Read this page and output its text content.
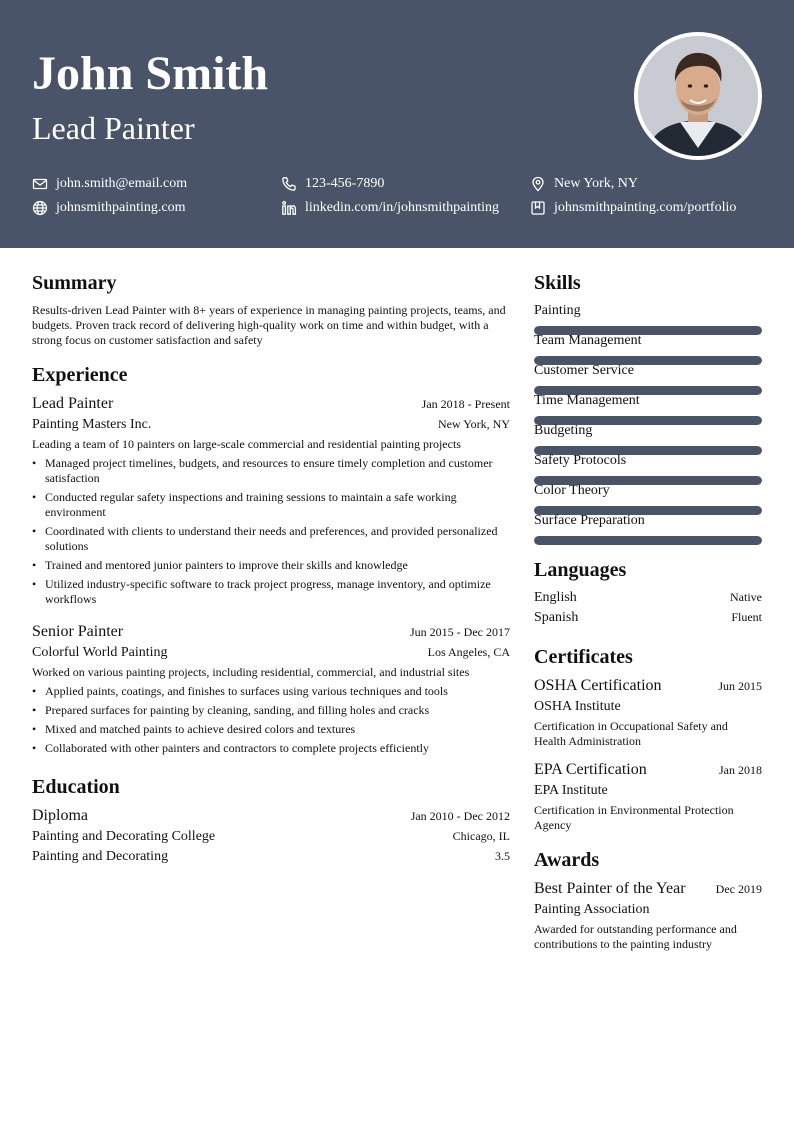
John Smith
Lead Painter
john.smith@email.com	123-456-7890	New York, NY
johnsmithpainting.com	linkedin.com/in/johnsmithpainting	johnsmithpainting.com/portfolio
Summary
Results-driven Lead Painter with 8+ years of experience in managing painting projects, teams, and budgets. Proven track record of delivering high-quality work on time and within budget, with a strong focus on customer satisfaction and safety
Experience
Lead Painter	Jan 2018 - Present
Painting Masters Inc.	New York, NY
Leading a team of 10 painters on large-scale commercial and residential painting projects
• Managed project timelines, budgets, and resources to ensure timely completion and customer satisfaction
• Conducted regular safety inspections and training sessions to maintain a safe working environment
• Coordinated with clients to understand their needs and preferences, and provided personalized solutions
• Trained and mentored junior painters to improve their skills and knowledge
• Utilized industry-specific software to track project progress, manage inventory, and optimize workflows
Senior Painter	Jun 2015 - Dec 2017
Colorful World Painting	Los Angeles, CA
Worked on various painting projects, including residential, commercial, and industrial sites
• Applied paints, coatings, and finishes to surfaces using various techniques and tools
• Prepared surfaces for painting by cleaning, sanding, and filling holes and cracks
• Mixed and matched paints to achieve desired colors and textures
• Collaborated with other painters and contractors to complete projects efficiently
Education
Diploma	Jan 2010 - Dec 2012
Painting and Decorating College	Chicago, IL
Painting and Decorating	3.5
Skills
Painting
Team Management
Customer Service
Time Management
Budgeting
Safety Protocols
Color Theory
Surface Preparation
Languages
English	Native
Spanish	Fluent
Certificates
OSHA Certification	Jun 2015
OSHA Institute
Certification in Occupational Safety and Health Administration
EPA Certification	Jan 2018
EPA Institute
Certification in Environmental Protection Agency
Awards
Best Painter of the Year	Dec 2019
Painting Association
Awarded for outstanding performance and contributions to the painting industry
